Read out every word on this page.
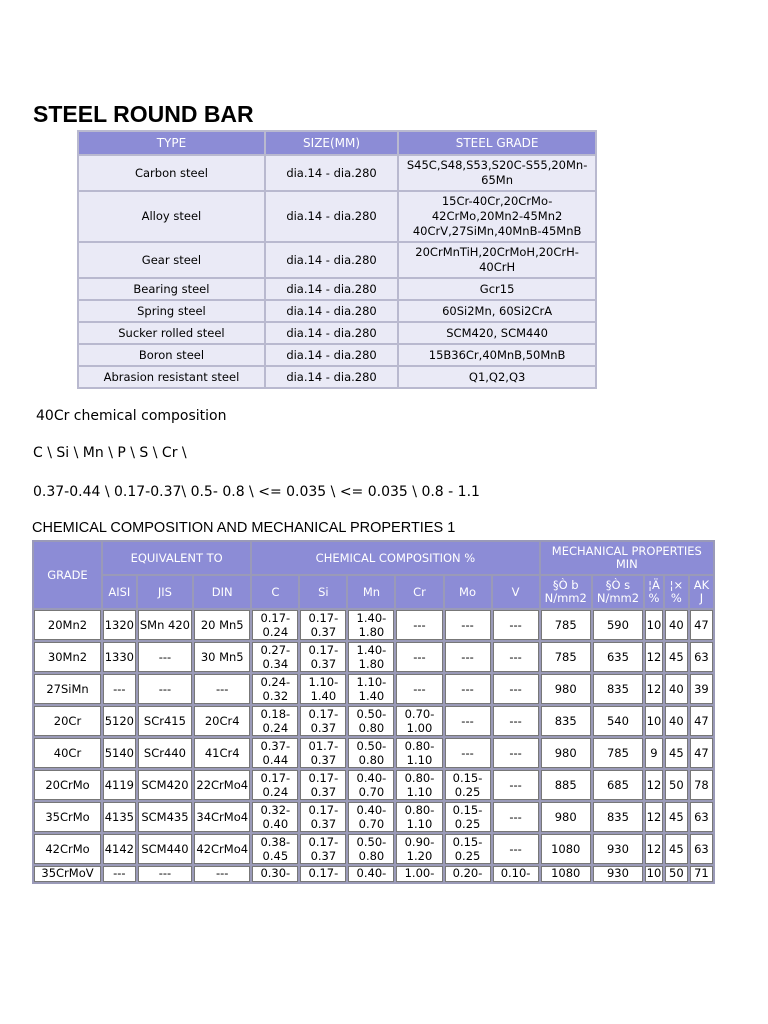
STEEL ROUND BAR
TYPE	SIZE(MM)	STEEL GRADE
Carbon steel	dia.14 - dia.280	S45C,S48,S53,S20C-S55,20Mn-65Mn
Alloy steel	dia.14 - dia.280	15Cr-40Cr,20CrMo-42CrMo,20Mn2-45Mn2 40CrV,27SiMn,40MnB-45MnB
Gear steel	dia.14 - dia.280	20CrMnTiH,20CrMoH,20CrH-40CrH
Bearing steel	dia.14 - dia.280	Gcr15
Spring steel	dia.14 - dia.280	60Si2Mn, 60Si2CrA
Sucker rolled steel	dia.14 - dia.280	SCM420, SCM440
Boron steel	dia.14 - dia.280	15B36Cr,40MnB,50MnB
Abrasion resistant steel	dia.14 - dia.280	Q1,Q2,Q3

40Cr chemical composition

C \ Si \ Mn \ P \ S \ Cr \

0.37-0.44 \ 0.17-0.37\ 0.5- 0.8 \ <= 0.035 \ <= 0.035 \ 0.8 - 1.1

CHEMICAL COMPOSITION AND MECHANICAL PROPERTIES 1

GRADE	EQUIVALENT TO			CHEMICAL COMPOSITION %						MECHANICAL PROPERTIES MIN				
	AISI	JIS	DIN	C	Si	Mn	Cr	Mo	V	§Ò b N/mm2	§Ò s N/mm2	¦Ä %	¦× %	AK J
20Mn2	1320	SMn 420	20 Mn5	0.17-0.24	0.17-0.37	1.40-1.80	---	---	---	785	590	10	40	47
30Mn2	1330	---	30 Mn5	0.27-0.34	0.17-0.37	1.40-1.80	---	---	---	785	635	12	45	63
27SiMn	---	---	---	0.24-0.32	1.10-1.40	1.10-1.40	---	---	---	980	835	12	40	39
20Cr	5120	SCr415	20Cr4	0.18-0.24	0.17-0.37	0.50-0.80	0.70-1.00	---	---	835	540	10	40	47
40Cr	5140	SCr440	41Cr4	0.37-0.44	01.7-0.37	0.50-0.80	0.80-1.10	---	---	980	785	9	45	47
20CrMo	4119	SCM420	22CrMo4	0.17-0.24	0.17-0.37	0.40-0.70	0.80-1.10	0.15-0.25	---	885	685	12	50	78
35CrMo	4135	SCM435	34CrMo4	0.32-0.40	0.17-0.37	0.40-0.70	0.80-1.10	0.15-0.25	---	980	835	12	45	63
42CrMo	4142	SCM440	42CrMo4	0.38-0.45	0.17-0.37	0.50-0.80	0.90-1.20	0.15-0.25	---	1080	930	12	45	63
35CrMoV	---	---	---	0.30-	0.17-	0.40-	1.00-	0.20-	0.10-	1080	930	10	50	71
